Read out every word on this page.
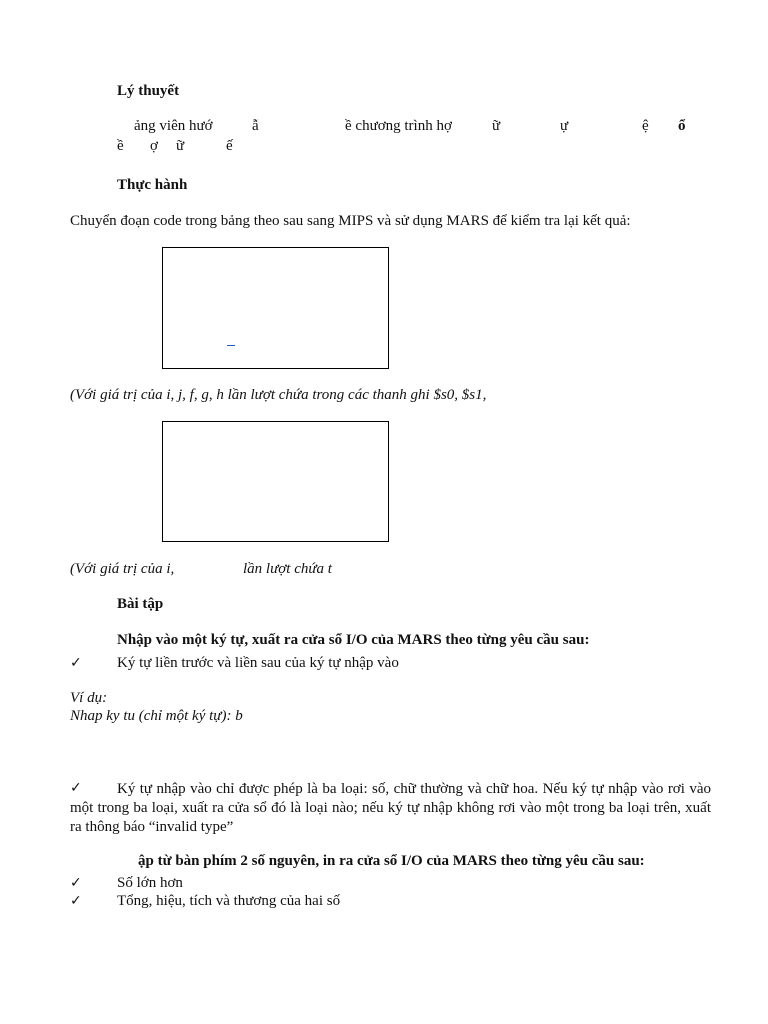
Lý thuyết
ảng viên hướ	ẫ	ề chương trình hợ	ữ	ự	ệ ổ
ề ợ ữ	ế
Thực hành
Chuyển đoạn code trong bảng theo sau sang MIPS và sử dụng MARS để kiểm tra lại kết quả:
(Với giá trị của i, j, f, g, h lần lượt chứa trong các thanh ghi $s0, $s1,
(Với giá trị của i,	lần lượt chứa t
Bài tập
Nhập vào một ký tự, xuất ra cửa sổ I/O của MARS theo từng yêu cầu sau:
✓ Ký tự liền trước và liền sau của ký tự nhập vào
Ví dụ:
Nhap ky tu (chỉ một ký tự): b
✓	Ký tự nhập vào chỉ được phép là ba loại: số, chữ thường và chữ hoa. Nếu ký tự nhập vào rơi vào một trong ba loại, xuất ra cửa sổ đó là loại nào; nếu ký tự nhập không rơi vào một trong ba loại trên, xuất ra thông báo “invalid type”
ập từ bàn phím 2 số nguyên, in ra cửa sổ I/O của MARS theo từng yêu cầu sau:
✓ Số lớn hơn
✓ Tổng, hiệu, tích và thương của hai số
